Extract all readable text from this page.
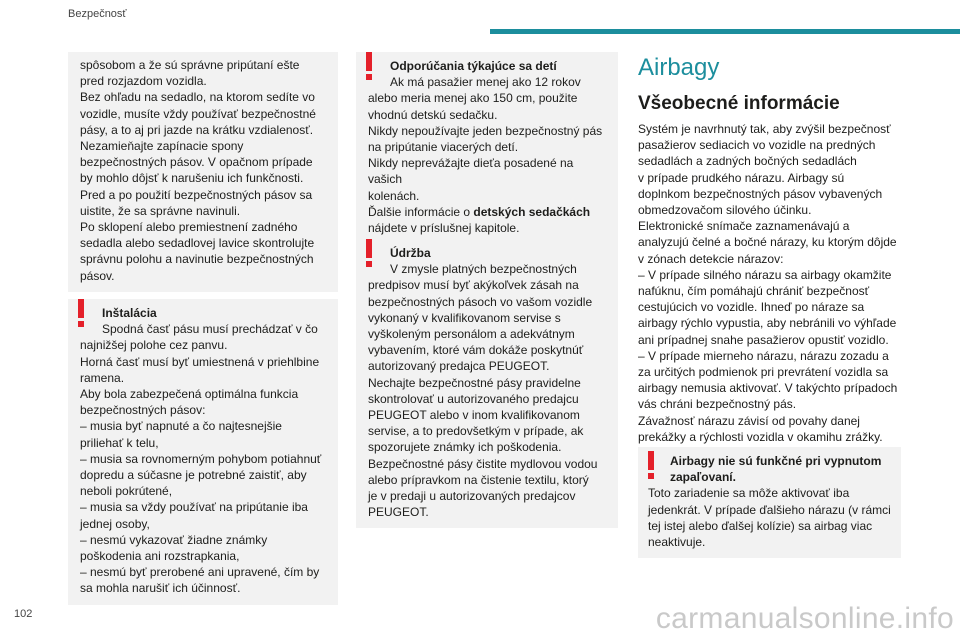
Bezpečnosť

spôsobom a že sú správne pripútaní ešte

pred rozjazdom vozidla.

Bez ohľadu na sedadlo, na ktorom sedíte vo

vozidle, musíte vždy používať bezpečnostné

pásy, a to aj pri jazde na krátku vzdialenosť.

Nezamieňajte zapínacie spony

bezpečnostných pásov. V opačnom prípade

by mohlo dôjsť k narušeniu ich funkčnosti.

Pred a po použití bezpečnostných pásov sa

uistite, že sa správne navinuli.

Po sklopení alebo premiestnení zadného

sedadla alebo sedadlovej lavice skontrolujte

správnu polohu a navinutie bezpečnostných

pásov.

Inštalácia

Spodná časť pásu musí prechádzať v čo

najnižšej polohe cez panvu.

Horná časť musí byť umiestnená v priehlbine

ramena.

Aby bola zabezpečená optimálna funkcia

bezpečnostných pásov:

– musia byť napnuté a čo najtesnejšie

priliehať k telu,

– musia sa rovnomerným pohybom potiahnuť

dopredu a súčasne je potrebné zaistiť, aby

neboli pokrútené,

– musia sa vždy používať na pripútanie iba

jednej osoby,

– nesmú vykazovať žiadne známky

poškodenia ani rozstrapkania,

– nesmú byť prerobené ani upravené, čím by

sa mohla narušiť ich účinnosť.

Odporúčania týkajúce sa detí

Ak má pasažier menej ako 12 rokov

alebo meria menej ako 150 cm, použite

vhodnú detskú sedačku.

Nikdy nepoužívajte jeden bezpečnostný pás

na pripútanie viacerých detí.

Nikdy neprevážajte dieťa posadené na vašich

kolenách.

Ďalšie informácie o detských sedačkách

nájdete v príslušnej kapitole.

Údržba

V zmysle platných bezpečnostných

predpisov musí byť akýkoľvek zásah na

bezpečnostných pásoch vo vašom vozidle

vykonaný v kvalifikovanom servise s

vyškoleným personálom a adekvátnym

vybavením, ktoré vám dokáže poskytnúť

autorizovaný predajca PEUGEOT.

Nechajte bezpečnostné pásy pravidelne

skontrolovať u autorizovaného predajcu

PEUGEOT alebo v inom kvalifikovanom

servise, a to predovšetkým v prípade, ak

spozorujete známky ich poškodenia.

Bezpečnostné pásy čistite mydlovou vodou

alebo prípravkom na čistenie textilu, ktorý

je v predaji u autorizovaných predajcov

PEUGEOT.

Airbagy
Všeobecné informácie

Systém je navrhnutý tak, aby zvýšil bezpečnosť

pasažierov sediacich vo vozidle na predných

sedadlách a zadných bočných sedadlách

v prípade prudkého nárazu. Airbagy sú

doplnkom bezpečnostných pásov vybavených

obmedzovačom silového účinku.

Elektronické snímače zaznamenávajú a

analyzujú čelné a bočné nárazy, ku ktorým dôjde

v zónach detekcie nárazov:

– V prípade silného nárazu sa airbagy okamžite

nafúknu, čím pomáhajú chrániť bezpečnosť

cestujúcich vo vozidle. Ihneď po náraze sa

airbagy rýchlo vypustia, aby nebránili vo výhľade

ani prípadnej snahe pasažierov opustiť vozidlo.

– V prípade mierneho nárazu, nárazu zozadu a

za určitých podmienok pri prevrátení vozidla sa

airbagy nemusia aktivovať. V takýchto prípadoch

vás chráni bezpečnostný pás.

Závažnosť nárazu závisí od povahy danej

prekážky a rýchlosti vozidla v okamihu zrážky.

Airbagy nie sú funkčné pri vypnutom

zapaľovaní.

Toto zariadenie sa môže aktivovať iba

jedenkrát. V prípade ďalšieho nárazu (v rámci

tej istej alebo ďalšej kolízie) sa airbag viac

neaktivuje.

102	carmanualsonline.info
